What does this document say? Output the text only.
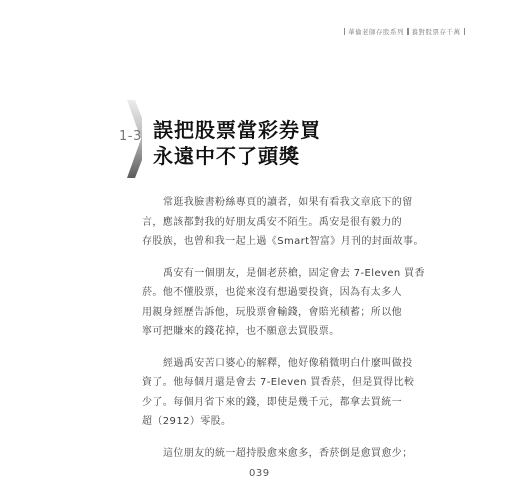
華倫老師存股系列 養對股票存千萬
1-3 誤把股票當彩券買
永遠中不了頭獎
常逛我臉書粉絲專頁的讀者，如果有看我文章底下的留
言，應該都對我的好朋友禹安不陌生。禹安是很有毅力的
存股族，也曾和我一起上過《Smart智富》月刊的封面故事。
禹安有一個朋友，是個老菸槍，固定會去 7-Eleven 買香
菸。他不懂股票，也從來沒有想過要投資，因為有太多人
用親身經歷告訴他，玩股票會輸錢，會賠光積蓄；所以他
寧可把賺來的錢花掉，也不願意去買股票。
經過禹安苦口婆心的解釋，他好像稍微明白什麼叫做投
資了。他每個月還是會去 7-Eleven 買香菸，但是買得比較
少了。每個月省下來的錢，即使是幾千元，都拿去買統一
超（2912）零股。
這位朋友的統一超持股愈來愈多，香菸倒是愈買愈少；
039
